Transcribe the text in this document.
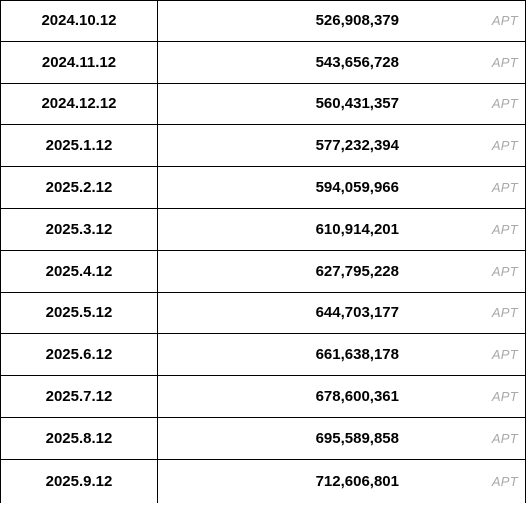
2024.10.12	526,908,379	APT
2024.11.12	543,656,728	APT
2024.12.12	560,431,357	APT
2025.1.12	577,232,394	APT
2025.2.12	594,059,966	APT
2025.3.12	610,914,201	APT
2025.4.12	627,795,228	APT
2025.5.12	644,703,177	APT
2025.6.12	661,638,178	APT
2025.7.12	678,600,361	APT
2025.8.12	695,589,858	APT
2025.9.12	712,606,801	APT
